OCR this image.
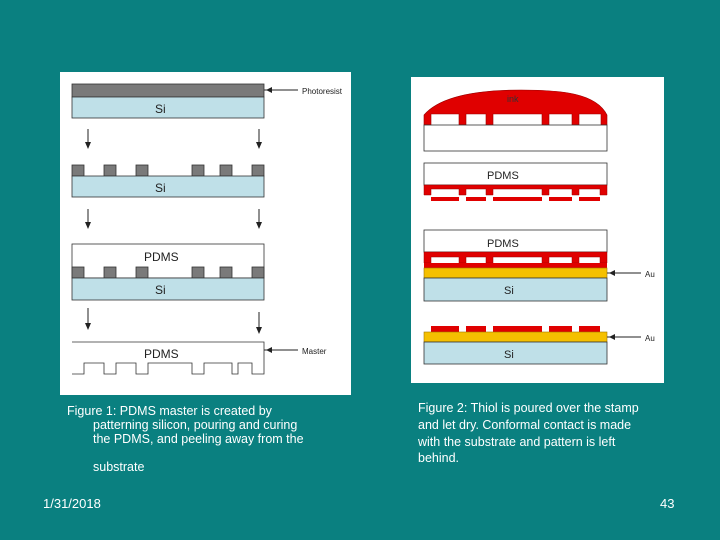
Si
Photoresist
Si
PDMS
Si
PDMS	Master
ink
PDMS
PDMS
Si
Au
Si
Au
Figure 1: PDMS master is created by
patterning silicon, pouring and curing
the PDMS, and peeling away from the
substrate
Figure 2: Thiol is poured over the stamp and let dry. Conformal contact is made with the substrate and pattern is left behind.
1/31/2018	43
